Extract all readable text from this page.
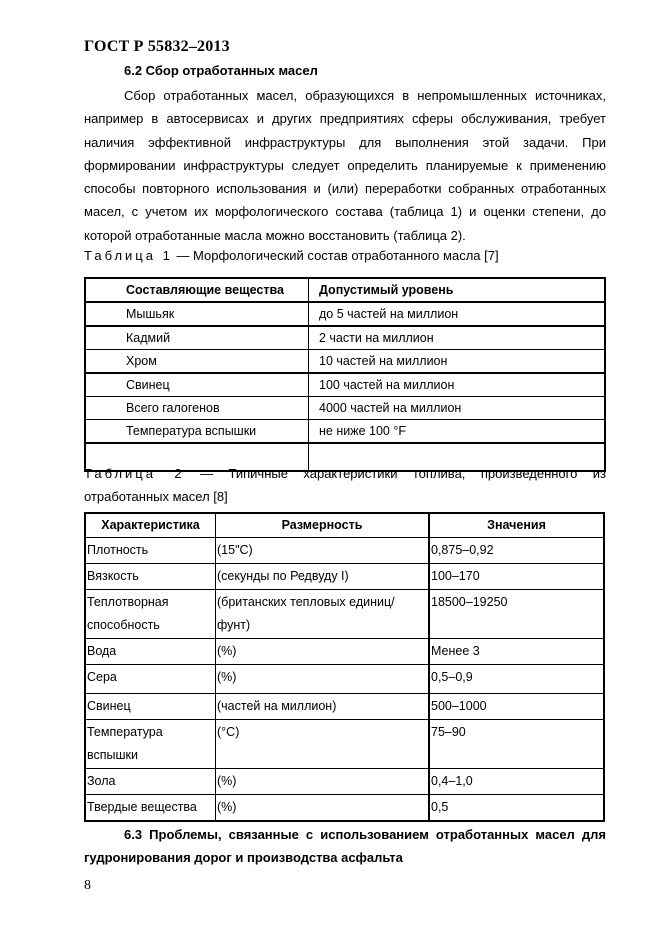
ГОСТ Р 55832–2013
6.2 Сбор отработанных масел
Сбор отработанных масел, образующихся в непромышленных источниках, например в автосервисах и других предприятиях сферы обслуживания, требует наличия эффективной инфраструктуры для выполнения этой задачи. При формировании инфраструктуры следует определить планируемые к применению способы повторного использования и (или) переработки собранных отработанных масел, с учетом их морфологического состава (таблица 1) и оценки степени, до которой отработанные масла можно восстановить (таблица 2).
Таблица 1 — Морфологический состав отработанного масла [7]
Составляющие вещества	Допустимый уровень
Мышьяк	до 5 частей на миллион
Кадмий	2 части на миллион
Хром	10 частей на миллион
Свинец	100 частей на миллион
Всего галогенов	4000 частей на миллион
Температура вспышки	не ниже 100 °F

Таблица 2 — Типичные характеристики топлива, произведенного из отработанных масел [8]
Характеристика	Размерность	Значения
Плотность	(15"C)	0,875–0,92
Вязкость	(секунды по Редвуду I)	100–170
Теплотворная способность	(британских тепловых единиц/фунт)	18500–19250
Вода	(%)	Менее 3
Сера	(%)	0,5–0,9
Свинец	(частей на миллион)	500–1000
Температура вспышки	(°C)	75–90
Зола	(%)	0,4–1,0
Твердые вещества	(%)	0,5
6.3 Проблемы, связанные с использованием отработанных масел для гудронирования дорог и производства асфальта
8
